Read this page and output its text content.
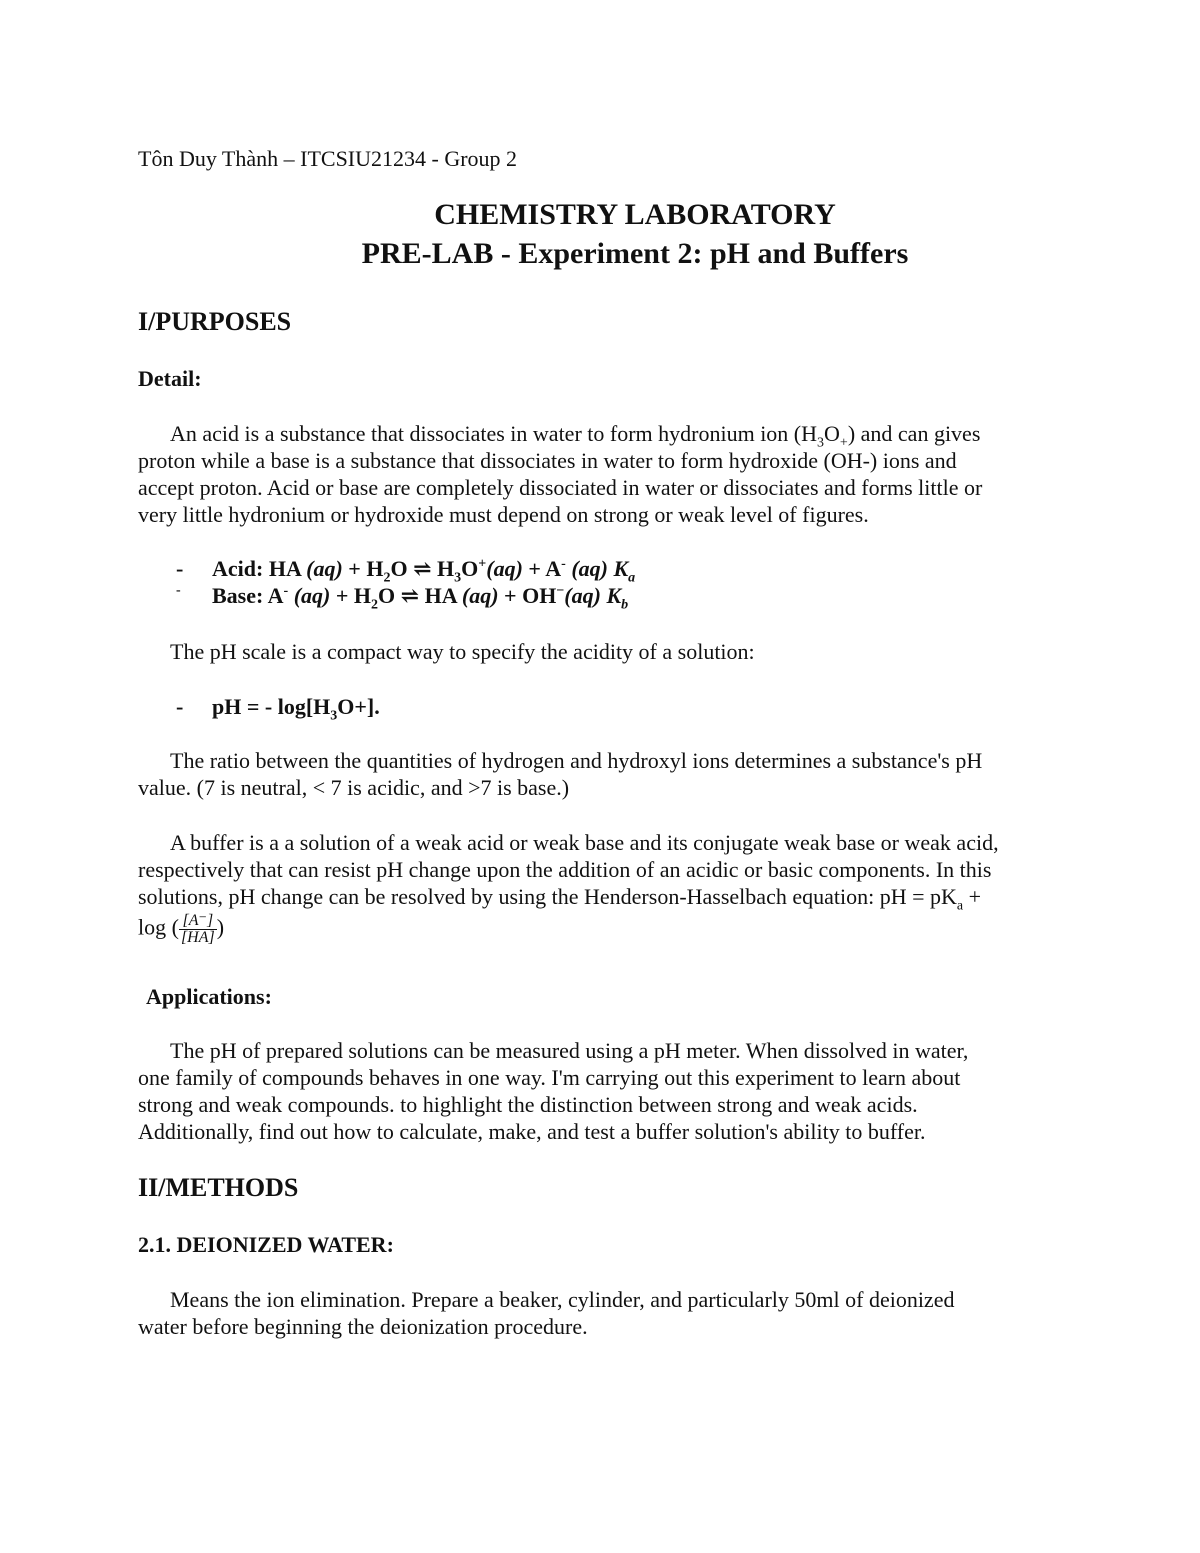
Tôn Duy Thành – ITCSIU21234 - Group 2
CHEMISTRY LABORATORY
PRE-LAB - Experiment 2: pH and Buffers
I/PURPOSES
Detail:
An acid is a substance that dissociates in water to form hydronium ion $(H_3O_+)$ and can gives
proton while a base is a substance that dissociates in water to form hydroxide (OH-) ions and
accept proton. Acid or base are completely dissociated in water or dissociates and forms little or
very little hydronium or hydroxide must depend on strong or weak level of figures.
- Acid: HA $(aq) + H_2O$ ⇌ $H_3O^+(aq) + A^-$ (aq) $K_a$
- Base: A- $(aq) + H_2O$ ⇌ HA (aq) + OH−(aq) $K_b$
The pH scale is a compact way to specify the acidity of a solution:
- pH = - $\log[H_3O+]$.
The ratio between the quantities of hydrogen and hydroxyl ions determines a substance's pH
value. (7 is neutral, < 7 is acidic, and >7 is base.)
A buffer is a a solution of a weak acid or weak base and its conjugate weak base or weak acid,
respectively that can resist pH change upon the addition of an acidic or basic components. In this
solutions, pH change can be resolved by using the Henderson-Hasselbach equation: pH = $pK_a$ +
log ( $\frac{[A^-]}{[HA]}$ )
Applications:
The pH of prepared solutions can be measured using a pH meter. When dissolved in water,
one family of compounds behaves in one way. I'm carrying out this experiment to learn about
strong and weak compounds. to highlight the distinction between strong and weak acids.
Additionally, find out how to calculate, make, and test a buffer solution's ability to buffer.
II/METHODS
2.1. DEIONIZED WATER:
Means the ion elimination. Prepare a beaker, cylinder, and particularly 50ml of deionized
water before beginning the deionization procedure.
